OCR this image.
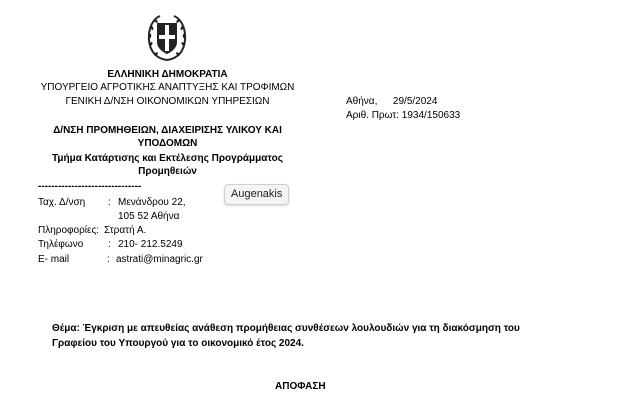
ΕΛΛΗΝΙΚΗ ΔΗΜΟΚΡΑΤΙΑ
ΥΠΟΥΡΓΕΙΟ ΑΓΡΟΤΙΚΗΣ ΑΝΑΠΤΥΞΗΣ ΚΑΙ ΤΡΟΦΙΜΩΝ
ΓΕΝΙΚΗ Δ/ΝΣΗ ΟΙΚΟΝΟΜΙΚΩΝ ΥΠΗΡΕΣΙΩΝ
Δ/ΝΣΗ ΠΡΟΜΗΘΕΙΩΝ, ΔΙΑΧΕΙΡΙΣΗΣ ΥΛΙΚΟΥ ΚΑΙ
ΥΠΟΔΟΜΩΝ
Τμήμα Κατάρτισης και Εκτέλεσης Προγράμματος
Προμηθειών
-------------------------------
Αθήνα, 29/5/2024
Αριθ. Πρωτ: 1934/150633
Ταχ. Δ/νση : Μενάνδρου 22,
105 52 Αθήνα
Πληροφορίες : Στρατή Α.
Τηλέφωνο : 210- 212.5249
E- mail	: astrati@minagric.gr
Augenakis
Θέμα: Έγκριση με απευθείας ανάθεση προμήθειας συνθέσεων λουλουδιών για τη διακόσμηση του
Γραφείου του Υπουργού για το οικονομικό έτος 2024.
ΑΠΟΦΑΣΗ
